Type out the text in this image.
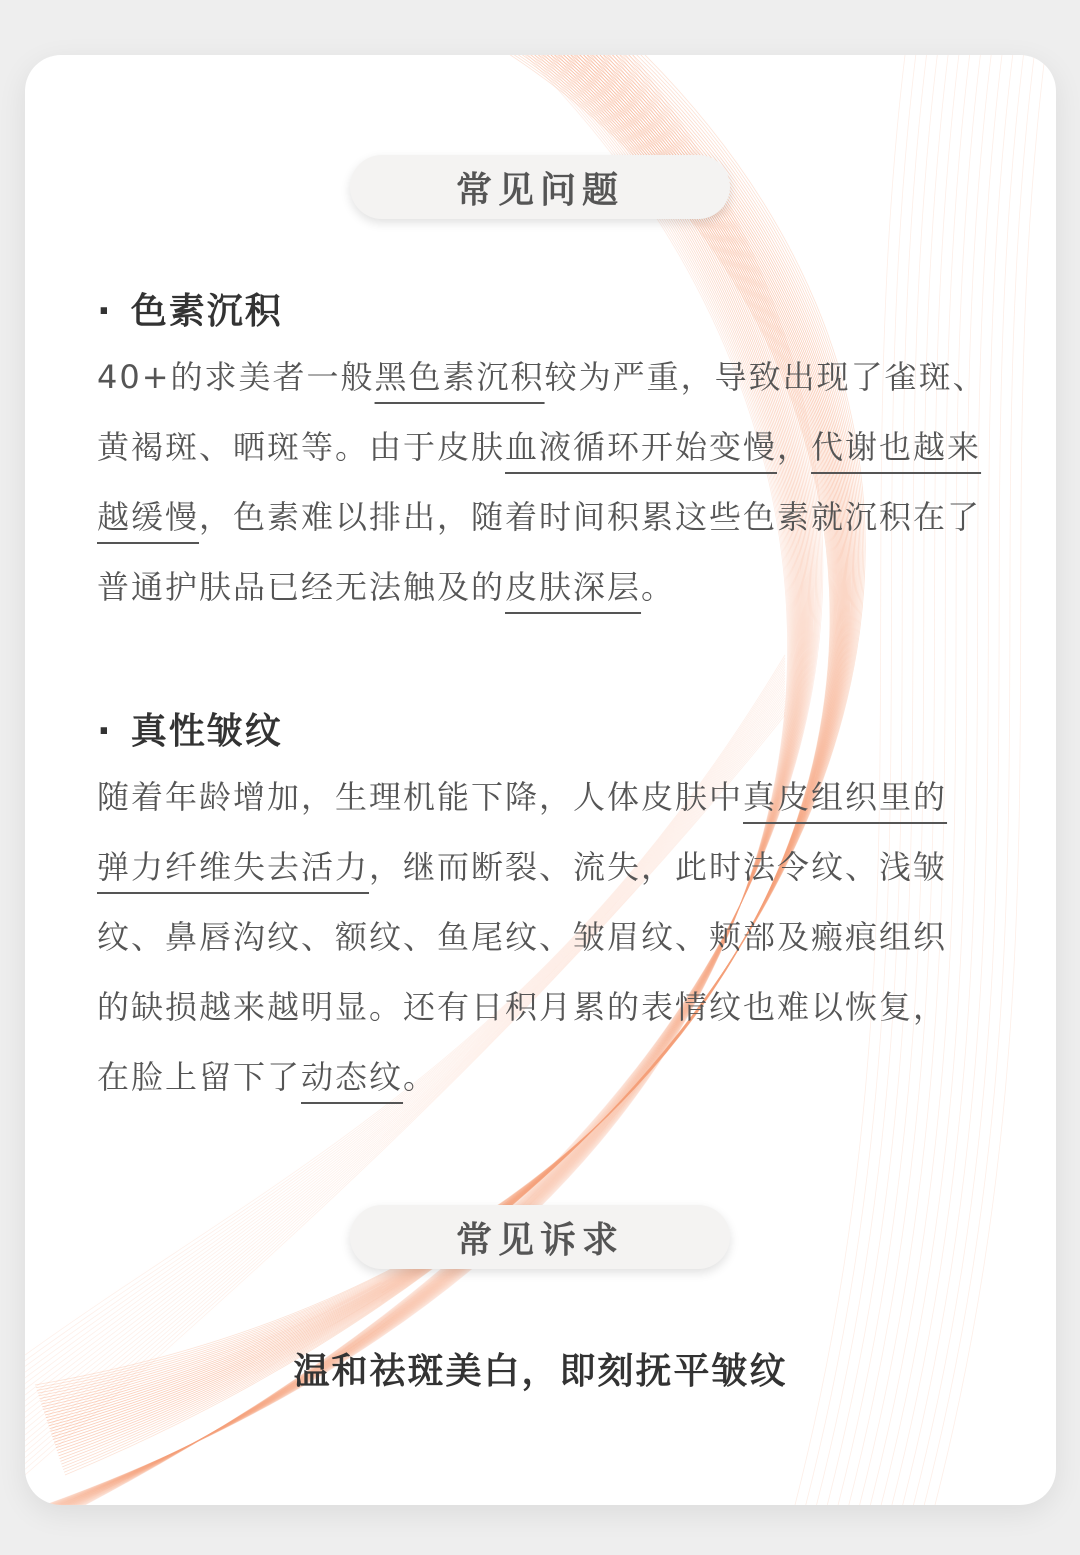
常见问题
· 色素沉积
40+的求美者一般黑色素沉积较为严重，导致出现了雀斑、黄褐斑、晒斑等。由于皮肤血液循环开始变慢，代谢也越来越缓慢，色素难以排出，随着时间积累这些色素就沉积在了普通护肤品已经无法触及的皮肤深层。
· 真性皱纹
随着年龄增加，生理机能下降，人体皮肤中真皮组织里的弹力纤维失去活力，继而断裂、流失，此时法令纹、浅皱纹、鼻唇沟纹、额纹、鱼尾纹、皱眉纹、颊部及瘢痕组织的缺损越来越明显。还有日积月累的表情纹也难以恢复，在脸上留下了动态纹。
常见诉求
温和祛斑美白，即刻抚平皱纹
